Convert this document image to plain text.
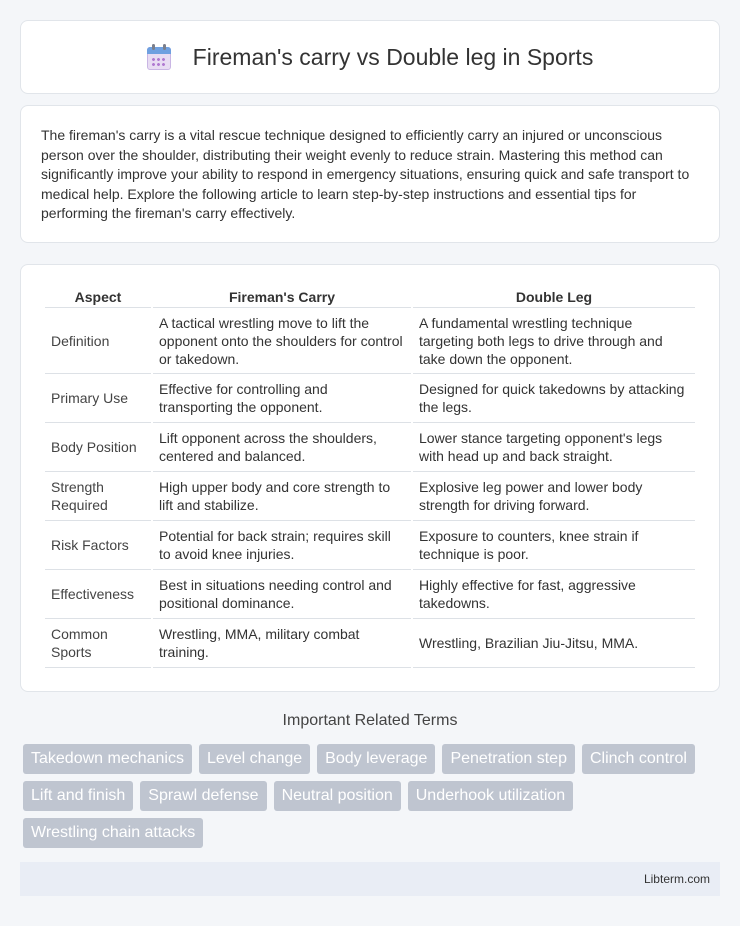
Fireman's carry vs Double leg in Sports

The fireman's carry is a vital rescue technique designed to efficiently carry an injured or unconscious person over the shoulder, distributing their weight evenly to reduce strain. Mastering this method can significantly improve your ability to respond in emergency situations, ensuring quick and safe transport to medical help. Explore the following article to learn step-by-step instructions and essential tips for performing the fireman's carry effectively.

Aspect	Fireman's Carry	Double Leg
Definition	A tactical wrestling move to lift the opponent onto the shoulders for control or takedown.	A fundamental wrestling technique targeting both legs to drive through and take down the opponent.
Primary Use	Effective for controlling and transporting the opponent.	Designed for quick takedowns by attacking the legs.
Body Position	Lift opponent across the shoulders, centered and balanced.	Lower stance targeting opponent's legs with head up and back straight.
Strength Required	High upper body and core strength to lift and stabilize.	Explosive leg power and lower body strength for driving forward.
Risk Factors	Potential for back strain; requires skill to avoid knee injuries.	Exposure to counters, knee strain if technique is poor.
Effectiveness	Best in situations needing control and positional dominance.	Highly effective for fast, aggressive takedowns.
Common Sports	Wrestling, MMA, military combat training.	Wrestling, Brazilian Jiu-Jitsu, MMA.
Important Related Terms
Takedown mechanics	Level change	Body leverage	Penetration step	Clinch control
Lift and finish	Sprawl defense	Neutral position	Underhook utilization
Wrestling chain attacks
Libterm.com
